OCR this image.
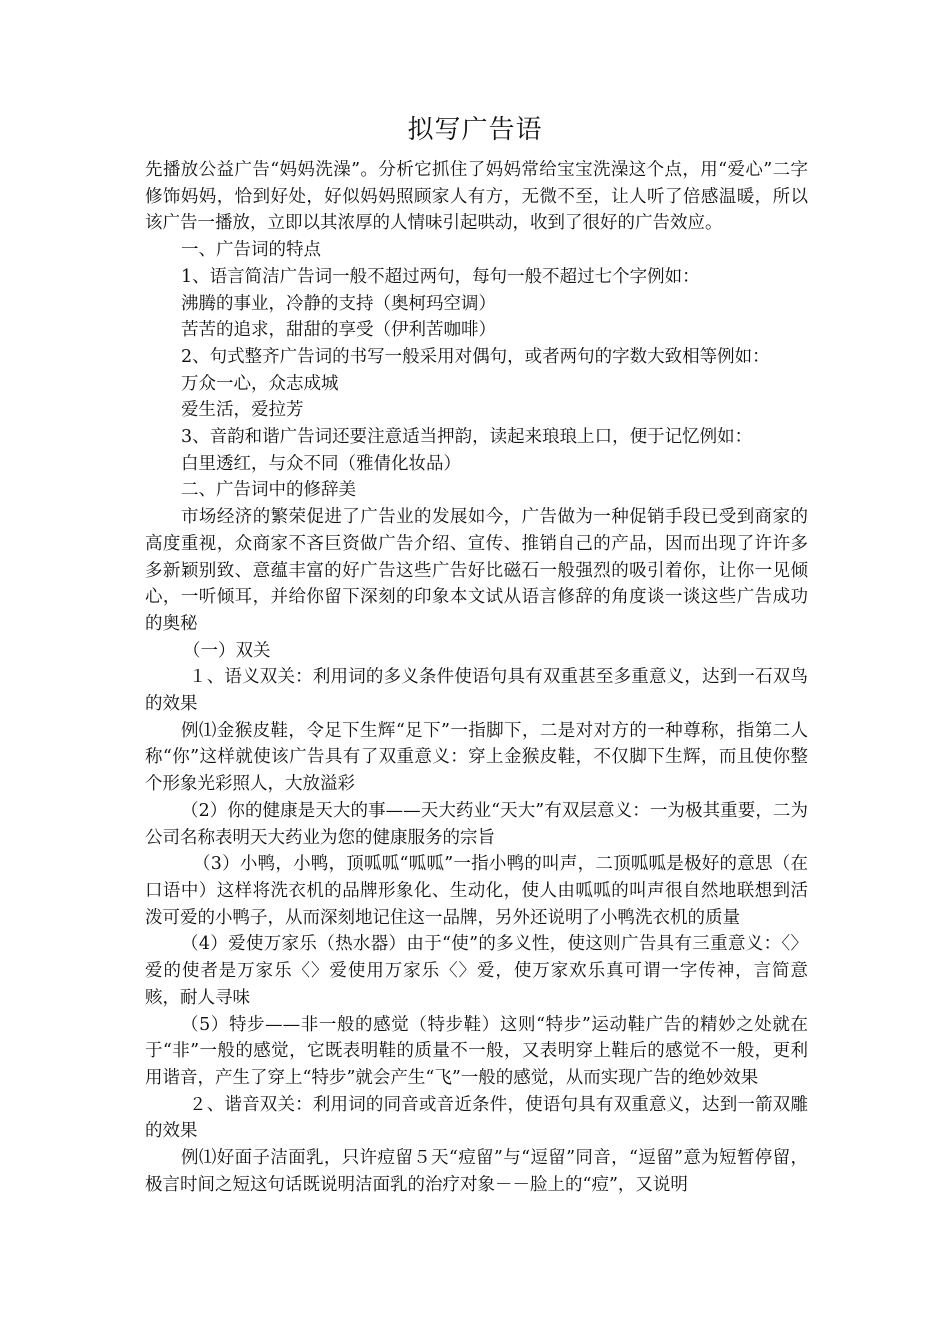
拟写广告语

先播放公益广告“妈妈洗澡”。分析它抓住了妈妈常给宝宝洗澡这个点，用“爱心”二字修饰妈妈，恰到好处，好似妈妈照顾家人有方，无微不至，让人听了倍感温暖，所以该广告一播放，立即以其浓厚的人情味引起哄动，收到了很好的广告效应。

一、广告词的特点

1、语言简洁广告词一般不超过两句，每句一般不超过七个字例如：

沸腾的事业，冷静的支持（奥柯玛空调）

苦苦的追求，甜甜的享受（伊利苦咖啡）

2、句式整齐广告词的书写一般采用对偶句，或者两句的字数大致相等例如：

万众一心，众志成城

爱生活，爱拉芳

3、音韵和谐广告词还要注意适当押韵，读起来琅琅上口，便于记忆例如：

白里透红，与众不同（雅倩化妆品）

二、广告词中的修辞美

市场经济的繁荣促进了广告业的发展如今，广告做为一种促销手段已受到商家的高度重视，众商家不吝巨资做广告介绍、宣传、推销自己的产品，因而出现了许许多多新颖别致、意蕴丰富的好广告这些广告好比磁石一般强烈的吸引着你，让你一见倾心，一听倾耳，并给你留下深刻的印象本文试从语言修辞的角度谈一谈这些广告成功的奥秘

（一）双关

１、语义双关：利用词的多义条件使语句具有双重甚至多重意义，达到一石双鸟的效果

例⑴金猴皮鞋，令足下生辉“足下”一指脚下，二是对对方的一种尊称，指第二人称“你”这样就使该广告具有了双重意义：穿上金猴皮鞋，不仅脚下生辉，而且使你整个形象光彩照人，大放溢彩

（2）你的健康是天大的事——天大药业“天大”有双层意义：一为极其重要，二为公司名称表明天大药业为您的健康服务的宗旨

（3）小鸭，小鸭，顶呱呱“呱呱”一指小鸭的叫声，二顶呱呱是极好的意思（在口语中）这样将洗衣机的品牌形象化、生动化，使人由呱呱的叫声很自然地联想到活泼可爱的小鸭子，从而深刻地记住这一品牌，另外还说明了小鸭洗衣机的质量

（4）爱使万家乐（热水器）由于“使”的多义性，使这则广告具有三重意义：〈〉爱的使者是万家乐〈〉爱使用万家乐〈〉爱，使万家欢乐真可谓一字传神，言简意赅，耐人寻味

（5）特步——非一般的感觉（特步鞋）这则“特步”运动鞋广告的精妙之处就在于“非”一般的感觉，它既表明鞋的质量不一般，又表明穿上鞋后的感觉不一般，更利用谐音，产生了穿上“特步”就会产生“飞”一般的感觉，从而实现广告的绝妙效果

２、谐音双关：利用词的同音或音近条件，使语句具有双重意义，达到一箭双雕的效果

例⑴好面子洁面乳，只许痘留５天“痘留”与“逗留”同音，“逗留”意为短暂停留，极言时间之短这句话既说明洁面乳的治疗对象－－脸上的“痘”，又说明
